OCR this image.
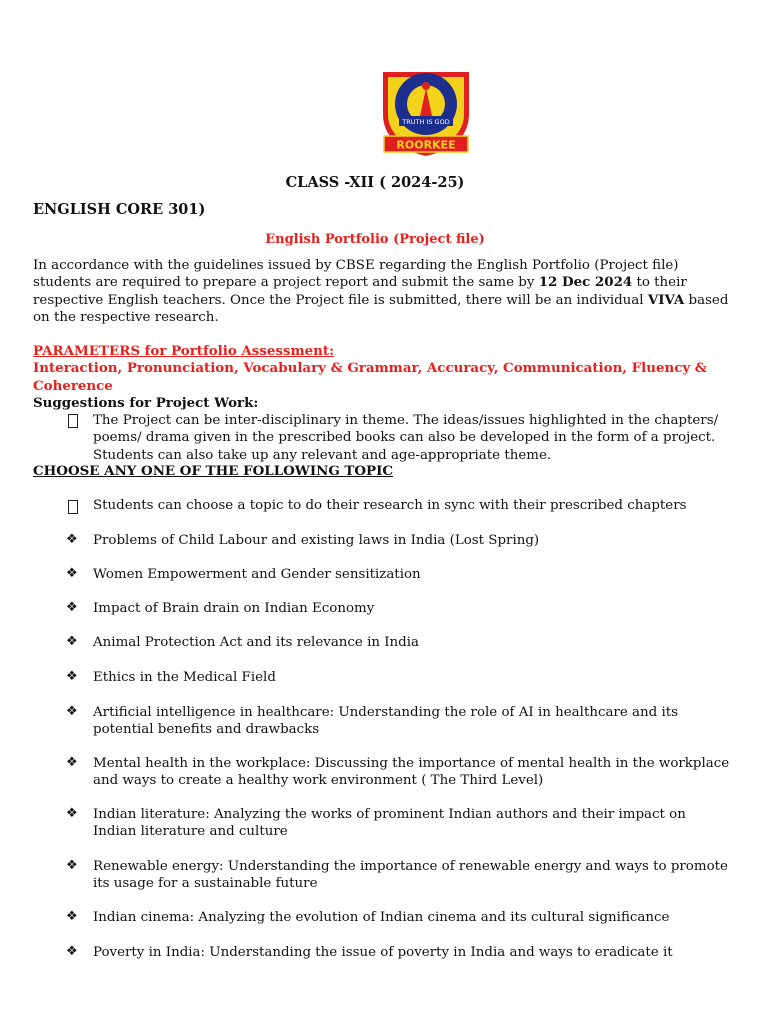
TRUTH IS GOD
ROORKEE
CLASS -XII ( 2024-25)
ENGLISH CORE 301)
English Portfolio (Project file)
In accordance with the guidelines issued by CBSE regarding the English Portfolio (Project file) students are required to prepare a project report and submit the same by 12 Dec 2024 to their respective English teachers. Once the Project file is submitted, there will be an individual VIVA based on the respective research.
PARAMETERS for Portfolio Assessment:
Interaction, Pronunciation, Vocabulary & Grammar, Accuracy, Communication, Fluency & Coherence
Suggestions for Project Work:
The Project can be inter-disciplinary in theme. The ideas/issues highlighted in the chapters/ poems/ drama given in the prescribed books can also be developed in the form of a project. Students can also take up any relevant and age-appropriate theme.
CHOOSE ANY ONE OF THE FOLLOWING TOPIC
Students can choose a topic to do their research in sync with their prescribed chapters
❖ Problems of Child Labour and existing laws in India (Lost Spring)
❖ Women Empowerment and Gender sensitization
❖ Impact of Brain drain on Indian Economy
❖ Animal Protection Act and its relevance in India
❖ Ethics in the Medical Field
❖ Artificial intelligence in healthcare: Understanding the role of AI in healthcare and its potential benefits and drawbacks
❖ Mental health in the workplace: Discussing the importance of mental health in the workplace and ways to create a healthy work environment ( The Third Level)
❖ Indian literature: Analyzing the works of prominent Indian authors and their impact on Indian literature and culture
❖ Renewable energy: Understanding the importance of renewable energy and ways to promote its usage for a sustainable future
❖ Indian cinema: Analyzing the evolution of Indian cinema and its cultural significance
❖ Poverty in India: Understanding the issue of poverty in India and ways to eradicate it
